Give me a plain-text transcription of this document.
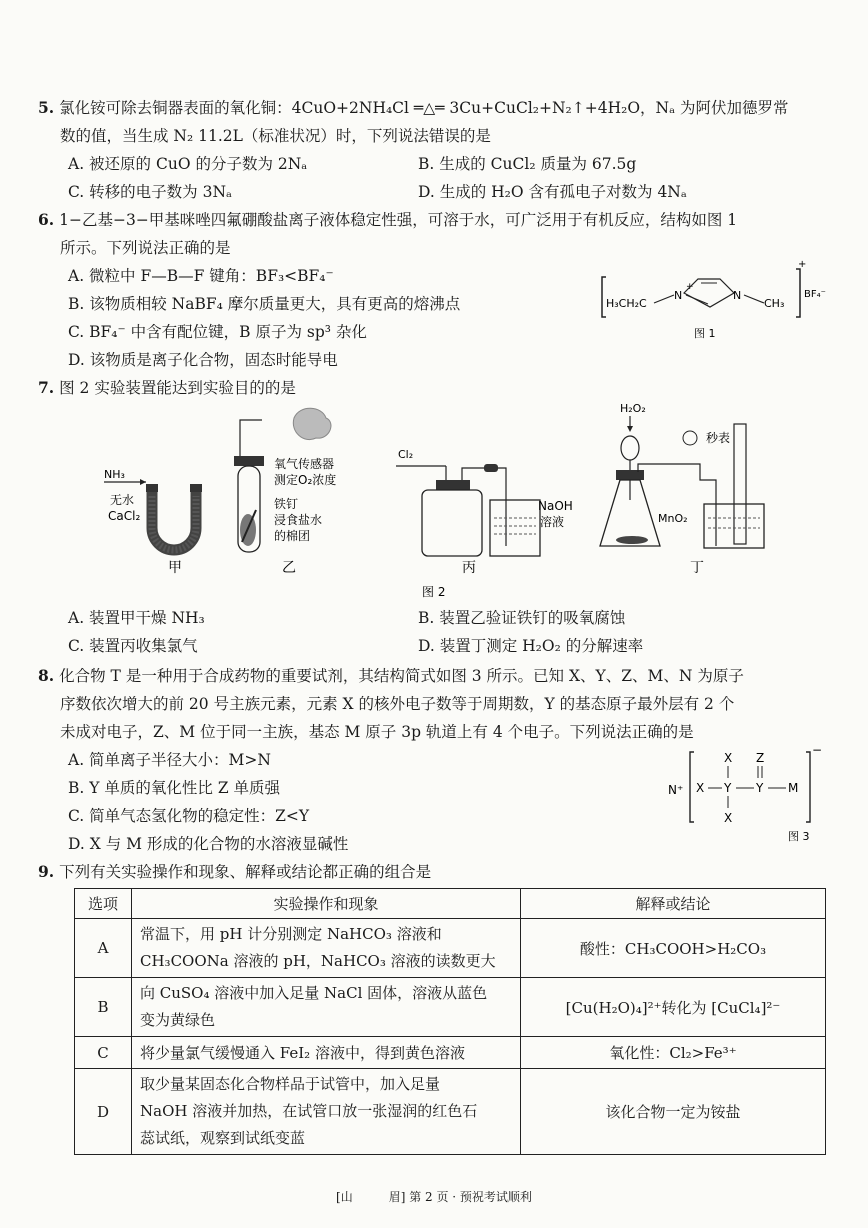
5. 氯化铵可除去铜器表面的氧化铜：4CuO+2NH₄Cl ═△═ 3Cu+CuCl₂+N₂↑+4H₂O，Nₐ 为阿伏加德罗常
数的值，当生成 N₂ 11.2L（标准状况）时，下列说法错误的是
A. 被还原的 CuO 的分子数为 2Nₐ	B. 生成的 CuCl₂ 质量为 67.5g
C. 转移的电子数为 3Nₐ	D. 生成的 H₂O 含有孤电子对数为 4Nₐ
6. 1−乙基−3−甲基咪唑四氟硼酸盐离子液体稳定性强，可溶于水，可广泛用于有机反应，结构如图 1
所示。下列说法正确的是
A. 微粒中 F—B—F 键角：BF₃<BF₄⁻
B. 该物质相较 NaBF₄ 摩尔质量更大，具有更高的熔沸点
C. BF₄⁻ 中含有配位键，B 原子为 sp³ 杂化
D. 该物质是离子化合物，固态时能导电
H₃CH₂C
N
+
N
CH₃
+
BF₄⁻
图 1
7. 图 2 实验装置能达到实验目的的是
NH₃
无水
CaCl₂
甲
氧气传感器
测定O₂浓度
铁钉
浸食盐水
的棉团
乙
Cl₂
NaOH
溶液
丙
H₂O₂
秒表
MnO₂
丁
图 2
A. 装置甲干燥 NH₃	B. 装置乙验证铁钉的吸氧腐蚀
C. 装置丙收集氯气	D. 装置丁测定 H₂O₂ 的分解速率
8. 化合物 T 是一种用于合成药物的重要试剂，其结构简式如图 3 所示。已知 X、Y、Z、M、N 为原子
序数依次增大的前 20 号主族元素，元素 X 的核外电子数等于周期数，Y 的基态原子最外层有 2 个
未成对电子，Z、M 位于同一主族，基态 M 原子 3p 轨道上有 4 个电子。下列说法正确的是
A. 简单离子半径大小：M>N
B. Y 单质的氧化性比 Z 单质强
C. 简单气态氢化物的稳定性：Z<Y
D. X 与 M 形成的化合物的水溶液显碱性
N⁺
−
X Z
X Y Y M
X
图 3
9. 下列有关实验操作和现象、解释或结论都正确的组合是
选项	实验操作和现象	解释或结论
A	常温下，用 pH 计分别测定 NaHCO₃ 溶液和
CH₃COONa 溶液的 pH，NaHCO₃ 溶液的读数更大	酸性：CH₃COOH>H₂CO₃
B	向 CuSO₄ 溶液中加入足量 NaCl 固体，溶液从蓝色
变为黄绿色	[Cu(H₂O)₄]²⁺转化为 [CuCl₄]²⁻
C	将少量氯气缓慢通入 FeI₂ 溶液中，得到黄色溶液	氧化性：Cl₂>Fe³⁺
D	取少量某固态化合物样品于试管中，加入足量
NaOH 溶液并加热，在试管口放一张湿润的红色石
蕊试纸，观察到试纸变蓝	该化合物一定为铵盐
[山　　　眉] 第 2 页 · 预祝考试顺利
